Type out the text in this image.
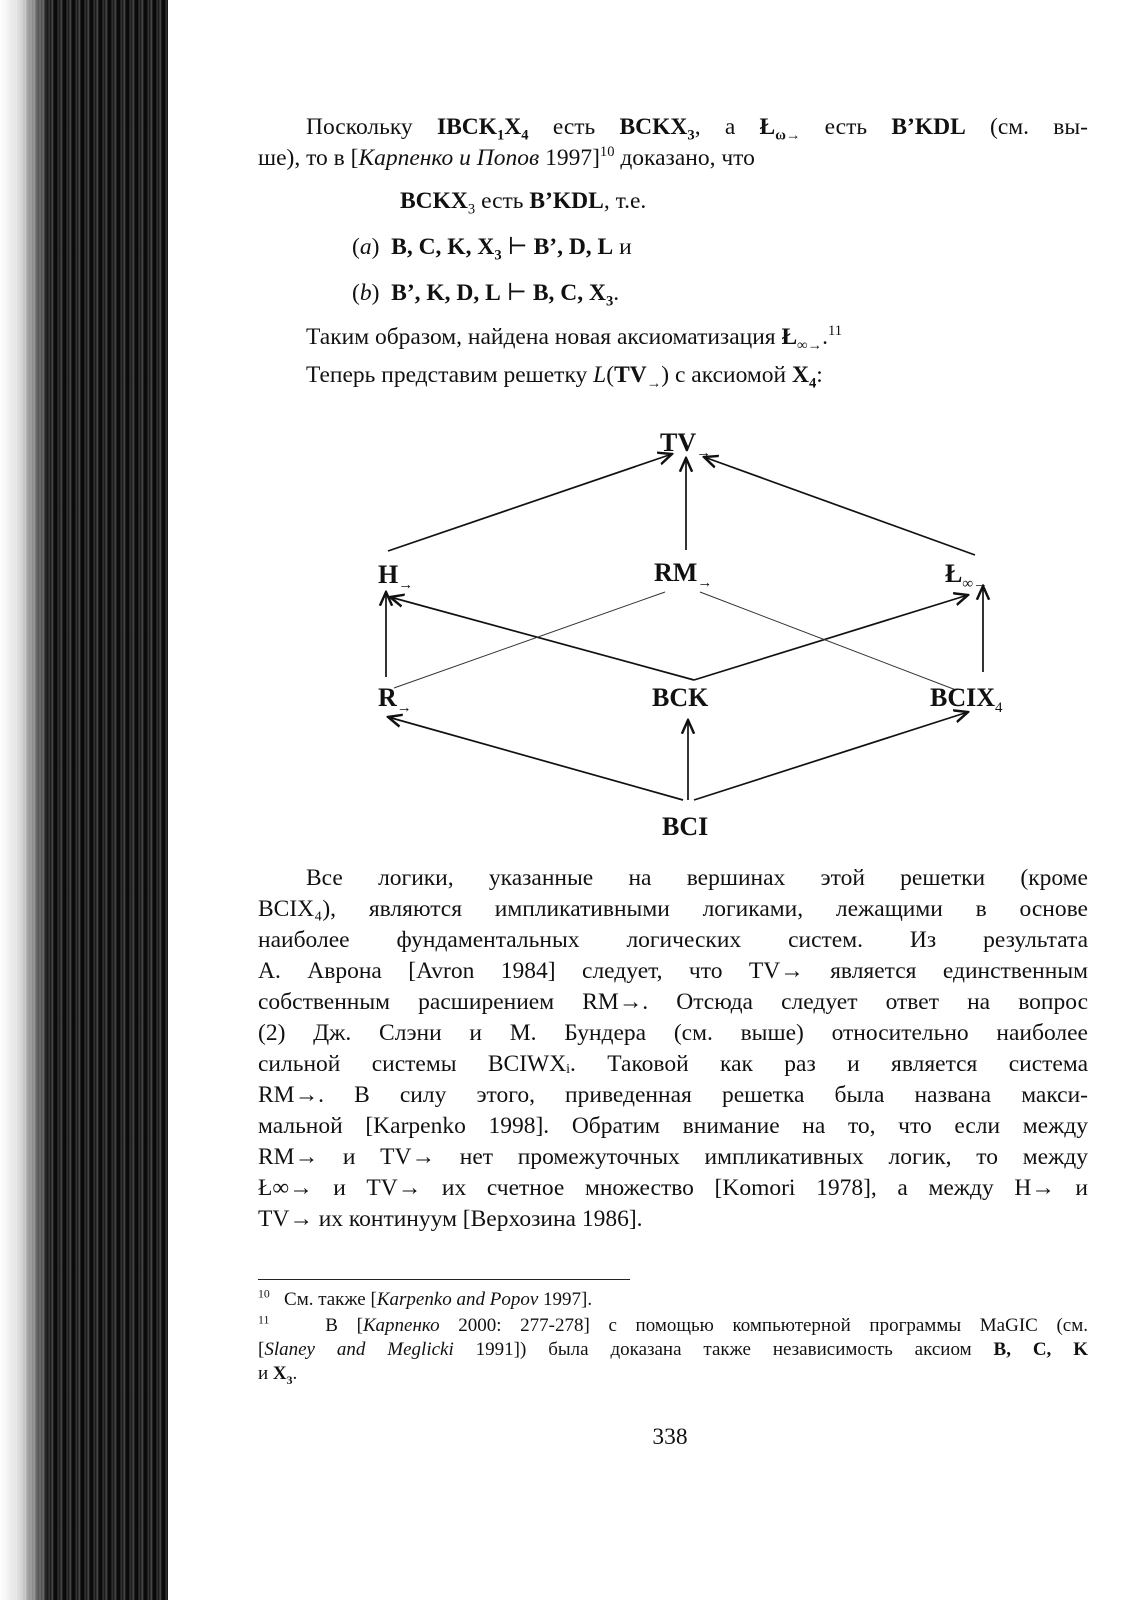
Поскольку $IBCK_1X_4$ есть $BCKX_3$, а $Ł_{\omega\to}$ есть B’KDL (см. вы-
ше), то в [Карпенко и Попов 1997]$^{10}$ доказано, что
$BCKX_3$ есть B’KDL, т.е.
(a)  B, C, K, $X_3$ ⊢ B’, D, L и
(b)  B’, K, D, L ⊢ B, C, $X_3$.
Таким образом, найдена новая аксиоматизация $Ł_{\infty\to}.^{11}$
Теперь представим решетку $L(TV_\to)$ с аксиомой $X_4$:
$TV_\to$
$H_\to$	$RM_\to$	$Ł_{\infty\to}$
$R_\to$	BCK	$BCIX_4$
BCI
Все логики, указанные на вершинах этой решетки (кроме
BCIX₄), являются импликативными логиками, лежащими в основе
наиболее фундаментальных логических систем. Из результата
А. Аврона [Avron 1984] следует, что TV→ является единственным
собственным расширением RM→. Отсюда следует ответ на вопрос
(2) Дж. Слэни и М. Бундера (см. выше) относительно наиболее
сильной системы BCIWXᵢ. Таковой как раз и является система
RM→. В силу этого, приведенная решетка была названа макси-
мальной [Karpenko 1998]. Обратим внимание на то, что если между
RM→ и TV→ нет промежуточных импликативных логик, то между
Ł∞→ и TV→ их счетное множество [Komori 1978], а между H→ и
TV→ их континуум [Верхозина 1986].
$^{10}$ См. также [Karpenko and Popov 1997].
$^{11}$	В [Карпенко 2000: 277-278] с помощью компьютерной программы MaGIC (см.
[Slaney and Meglicki 1991]) была доказана также независимость аксиом B, C, K
и $X_3$.
338
